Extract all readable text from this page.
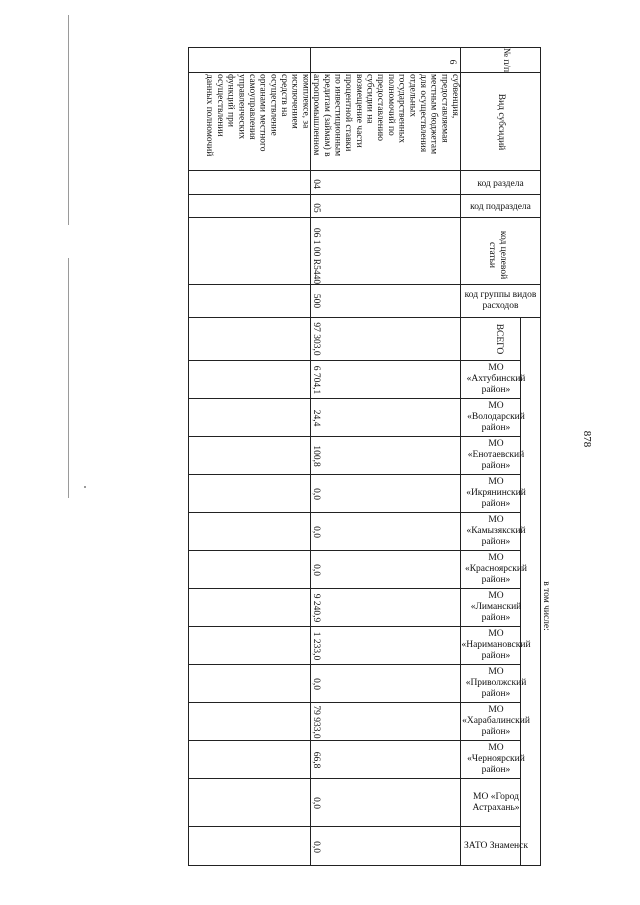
878
№ п/п
Вид субсидий
код раздела
код подраздела
код целевой статьи
код группы видов расходов
ВСЕГО
в том числе:
МО «Ахтубинский район»
МО «Володарский район»
МО «Енотаевский район»
МО «Икрянинский район»
МО «Камызякский район»
МО «Красноярский район»
МО «Лиманский район»
МО «Наримановский район»
МО «Приволжский район»
МО «Харабалинский район»
МО «Черноярский район»
МО «Город Астрахань»
ЗАТО Знаменск
6
субвенция,
предоставляемая
местным бюджетам
для осуществления
отдельных
государственных
полномочий по
предоставлению
субсидии на
возмещение части
процентной ставки
по инвестиционным
кредитам (займам) в
агропромышленном
комплексе, за
исключением
средств на
осуществление
органами местного
самоуправления
управленческих
функций при
осуществлении
данных полномочий
04
05
06 1 00 R5440
500
97 303,0
6 704,1
24,4
100,8
0,0
0,0
0,0
9 240,9
1 233,0
0,0
79 933,0
66,8
0,0
0,0
